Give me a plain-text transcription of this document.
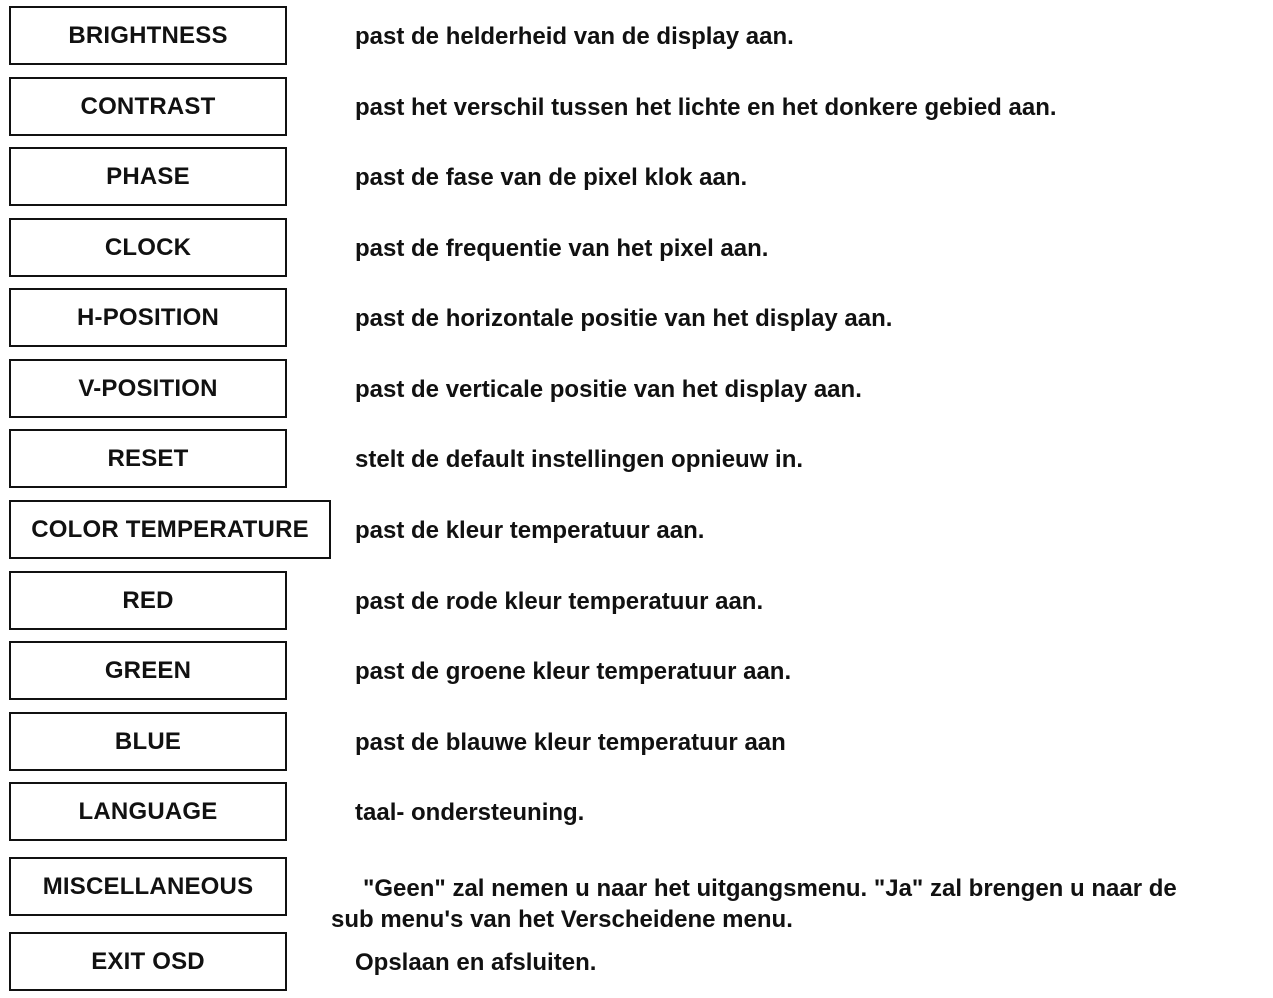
BRIGHTNESS	past de helderheid van de display aan.
CONTRAST	past het verschil tussen het lichte en het donkere gebied aan.
PHASE	past de fase van de pixel klok aan.
CLOCK	past de frequentie van het pixel aan.
H-POSITION	past de horizontale positie van het display aan.
V-POSITION	past de verticale positie van het display aan.
RESET	stelt de default instellingen opnieuw in.
COLOR TEMPERATURE	past de kleur temperatuur aan.
RED	past de rode kleur temperatuur aan.
GREEN	past de groene kleur temperatuur aan.
BLUE	past de blauwe kleur temperatuur aan
LANGUAGE	taal- ondersteuning.
MISCELLANEOUS	"Geen" zal nemen u naar het uitgangsmenu. "Ja" zal brengen u naar de
sub menu's van het Verscheidene menu.
EXIT OSD	Opslaan en afsluiten.
